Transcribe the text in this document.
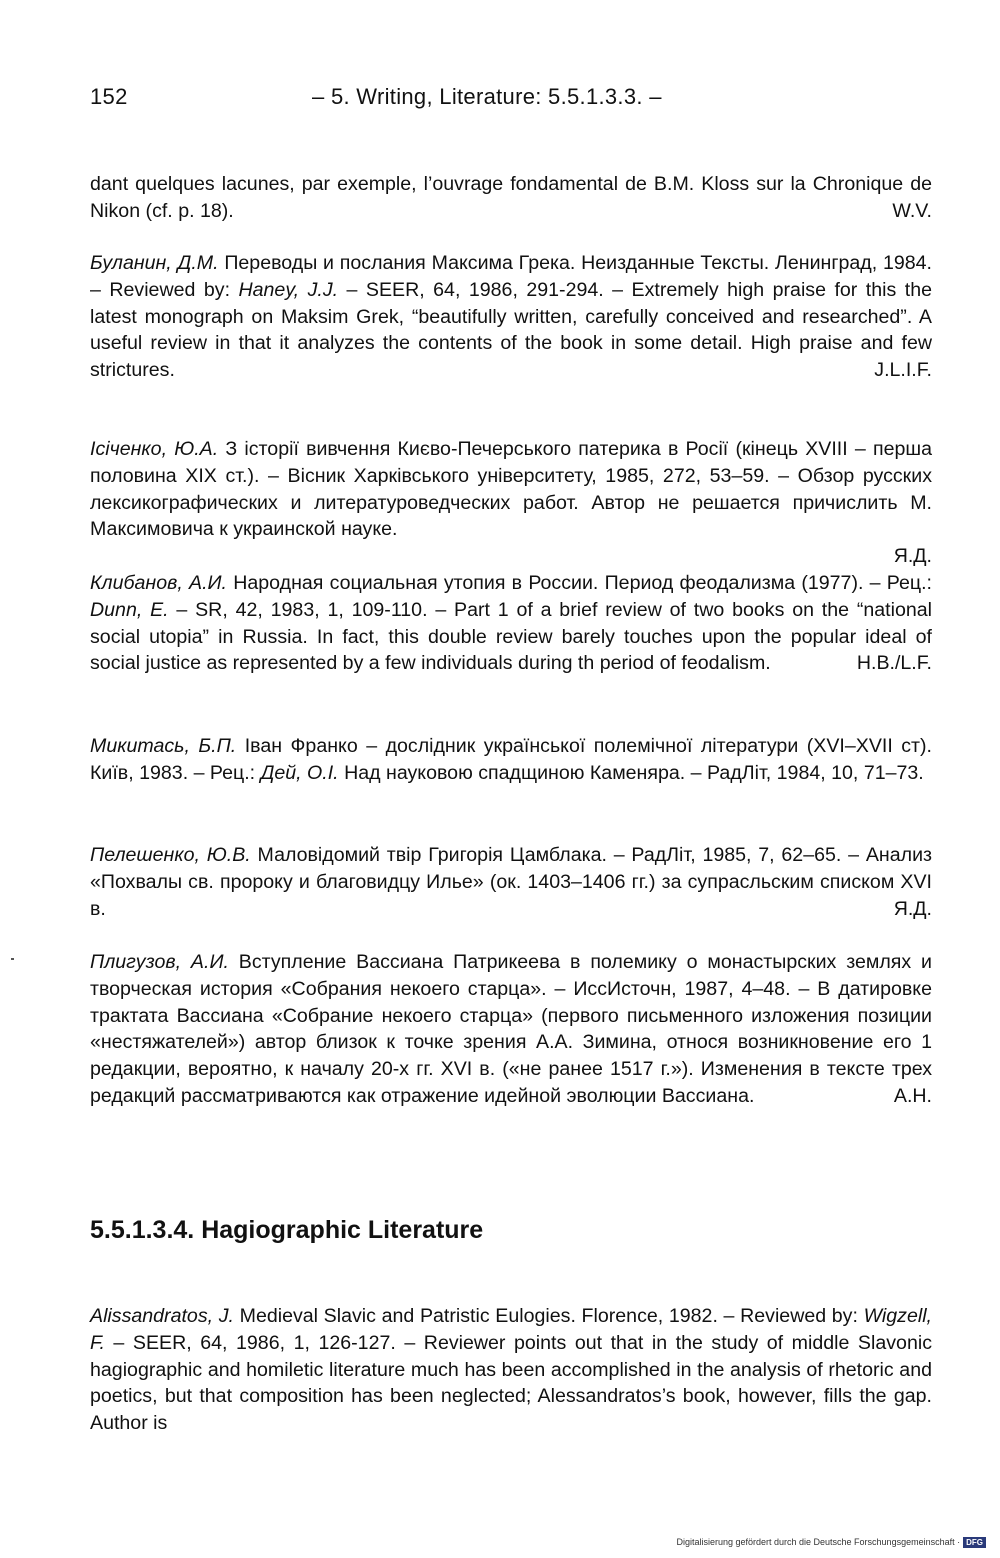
152	– 5. Writing, Literature: 5.5.1.3.3. –

dant quelques lacunes, par exemple, l’ouvrage fondamental de B.M. Kloss sur la Chronique de Nikon (cf. p. 18).	W.V.

Буланин, Д.М. Переводы и послания Максима Грека. Неизданные Тексты. Ленинград, 1984. – Reviewed by: Haney, J.J. – SEER, 64, 1986, 291-294. – Extremely high praise for this the latest monograph on Maksim Grek, “beautifully written, carefully conceived and researched”. A useful review in that it analyzes the contents of the book in some detail. High praise and few strictures.	J.L.I.F.

Ісіченко, Ю.А. З історії вивчення Києво-Печерського патерика в Росії (кінець XVIII – перша половина XIX ст.). – Вісник Харківського університету, 1985, 272, 53–59. – Обзор русских лексикографических и литературоведческих работ. Автор не решается причислить М. Максимовича к украинской науке.

Я.Д.

Клибанов, А.И. Народная социальная утопия в России. Период феодализма (1977). – Рец.: Dunn, E. – SR, 42, 1983, 1, 109-110. – Part 1 of a brief review of two books on the “national social utopia” in Russia. In fact, this double review barely touches upon the popular ideal of social justice as represented by a few individuals during th period of feodalism.	H.B./L.F.

Микитась, Б.П. Іван Франко – дослідник української полемічної літератури (XVI–XVII ст). Київ, 1983. – Рец.: Дей, О.І. Над науковою спадщиною Каменяра. – РадЛіт, 1984, 10, 71–73.

Пелешенко, Ю.В. Маловідомий твір Григорія Цамблака. – РадЛіт, 1985, 7, 62–65. – Анализ «Похвалы св. пророку и благовидцу Илье» (ок. 1403–1406 гг.) за супрасльским списком XVI в.	Я.Д.

Плигузов, А.И. Вступление Вассиана Патрикеева в полемику о монастырских землях и творческая история «Собрания некоего старца». – ИссИсточн, 1987, 4–48. – В датировке трактата Вассиана «Собрание некоего старца» (первого письменного изложения позиции «нестяжателей») автор близок к точке зрения А.А. Зимина, относя возникновение его 1 редакции, вероятно, к началу 20-х гг. XVI в. («не ранее 1517 г.»). Изменения в тексте трех редакций рассматриваются как отражение идейной эволюции Вассиана.	А.Н.

5.5.1.3.4. Hagiographic Literature

Alissandratos, J. Medieval Slavic and Patristic Eulogies. Florence, 1982. – Reviewed by: Wigzell, F. – SEER, 64, 1986, 1, 126-127. – Reviewer points out that in the study of middle Slavonic hagiographic and homiletic literature much has been accomplished in the analysis of rhetoric and poetics, but that composition has been neglected; Alessandratos’s book, however, fills the gap. Author is

Digitalisierung gefördert durch die Deutsche Forschungsgemeinschaft · DFG
